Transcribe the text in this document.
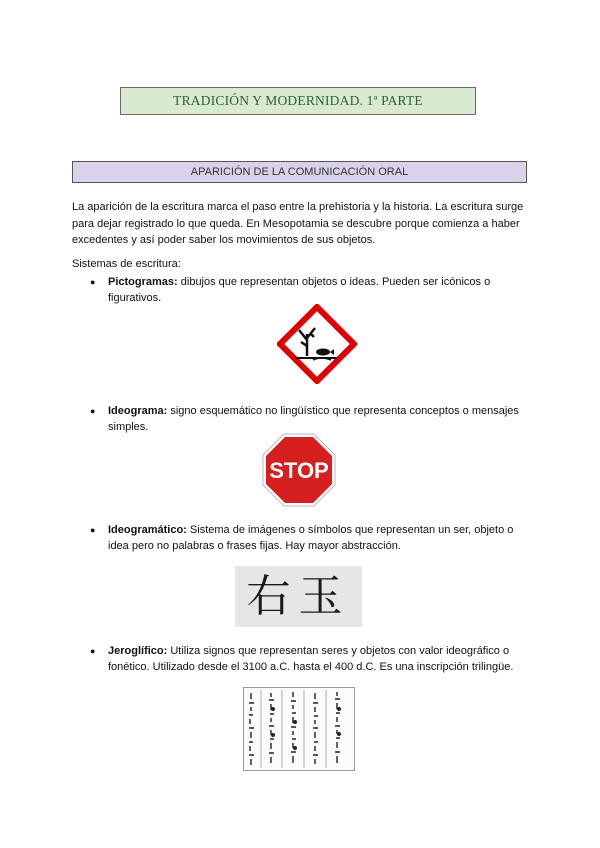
TRADICIÓN Y MODERNIDAD. 1ª PARTE
APARICIÓN DE LA COMUNICACIÓN ORAL

La aparición de la escritura marca el paso entre la prehistoria y la historia. La escritura surge para dejar registrado lo que queda. En Mesopotamia se descubre porque comienza a haber excedentes y así poder saber los movimientos de sus objetos.

Sistemas de escritura:

●	Pictogramas: dibujos que representan objetos o ideas. Pueden ser icónicos o figurativos.
●	Ideograma: signo esquemático no lingüístico que representa conceptos o mensajes simples.
STOP
●	Ideogramático: Sistema de imágenes o símbolos que representan un ser, objeto o idea pero no palabras o frases fijas. Hay mayor abstracción.
右玉
●	Jeroglífico: Utiliza signos que representan seres y objetos con valor ideográfico o fonético. Utilizado desde el 3100 a.C. hasta el 400 d.C. Es una inscripción trilingüe.
